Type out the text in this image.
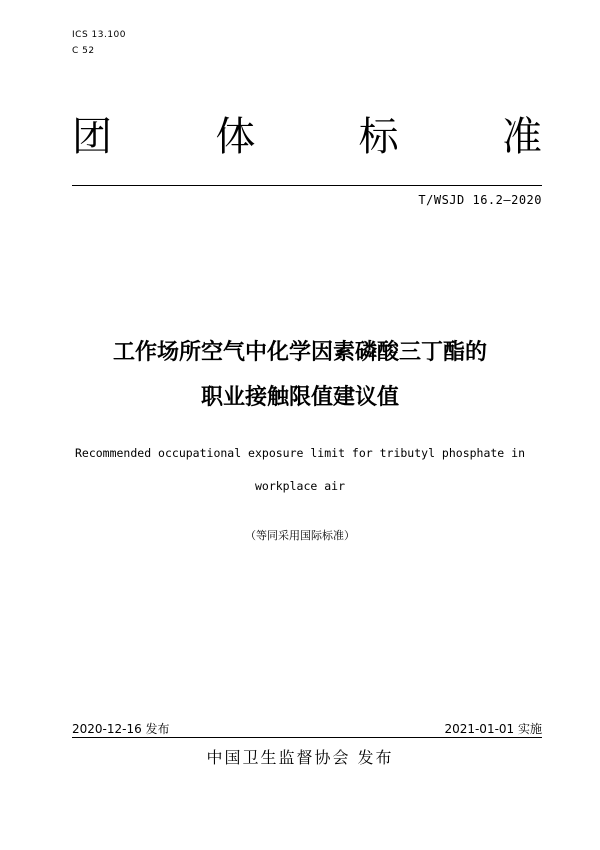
ICS 13.100
C 52
团	体	标	准
T/WSJD 16.2—2020
工作场所空气中化学因素磷酸三丁酯的
职业接触限值建议值
Recommended occupational exposure limit for tributyl phosphate in
workplace air
（等同采用国际标准）
2020-12-16 发布	2021-01-01 实施
中国卫生监督协会 发布
